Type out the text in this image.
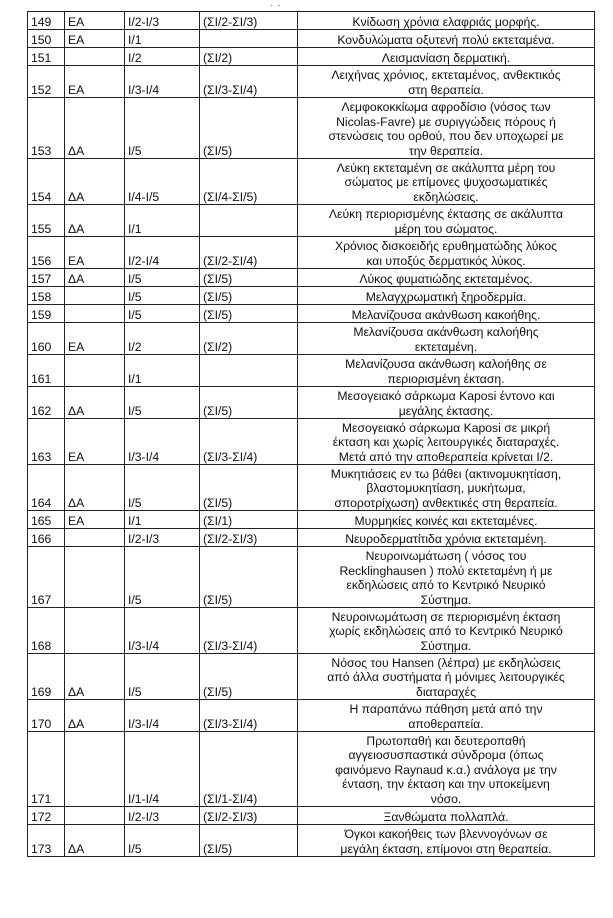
- -
149	ΕΑ	Ι/2-Ι/3	(ΣΙ/2-ΣΙ/3)	Κνίδωση χρόνια ελαφριάς μορφής.

150	ΕΑ	Ι/1		Κονδυλώματα οξυτενή πολύ εκτεταμένα.

151		Ι/2	(ΣΙ/2)	Λεισμανίαση δερματική.

152	ΕΑ	Ι/3-Ι/4	(ΣΙ/3-ΣΙ/4)	Λειχήνας χρόνιος, εκτεταμένος, ανθεκτικός
στη θεραπεία.

153	ΔΑ	Ι/5	(ΣΙ/5)	Λεμφοκοκκίωμα αφροδίσιο (νόσος των
Nicolas-Favre) με συριγγώδεις πόρους ή
στενώσεις του ορθού, που δεν υποχωρεί με
την θεραπεία.

154	ΔΑ	Ι/4-Ι/5	(ΣΙ/4-ΣΙ/5)	Λεύκη εκτεταμένη σε ακάλυπτα μέρη του
σώματος με επίμονες ψυχοσωματικές
εκδηλώσεις.

155	ΔΑ	Ι/1		Λεύκη περιορισμένης έκτασης σε ακάλυπτα
μέρη του σώματος.

156	ΕΑ	Ι/2-Ι/4	(ΣΙ/2-ΣΙ/4)	Χρόνιος δισκοειδής ερυθηματώδης λύκος
και υποξύς δερματικός λύκος.

157	ΔΑ	Ι/5	(ΣΙ/5)	Λύκος φυματιώδης εκτεταμένος.

158		Ι/5	(ΣΙ/5)	Μελαγχρωματική ξηροδερμία.

159		Ι/5	(ΣΙ/5)	Μελανίζουσα ακάνθωση κακοήθης.

160	ΕΑ	Ι/2	(ΣΙ/2)	Μελανίζουσα ακάνθωση καλοήθης
εκτεταμένη.

161		Ι/1		Μελανίζουσα ακάνθωση καλοήθης σε
περιορισμένη έκταση.

162	ΔΑ	Ι/5	(ΣΙ/5)	Μεσογειακό σάρκωμα Kaposi έντονο και
μεγάλης έκτασης.

163	ΕΑ	Ι/3-Ι/4	(ΣΙ/3-ΣΙ/4)	Μεσογειακό σάρκωμα Kaposi σε μικρή
έκταση και χωρίς λειτουργικές διαταραχές.
Μετά από την αποθεραπεία κρίνεται Ι/2.

164	ΔΑ	Ι/5	(ΣΙ/5)	Μυκητιάσεις εν τω βάθει (ακτινομυκητίαση,
βλαστομυκητίαση, μυκήτωμα,
σποροτρίχωση) ανθεκτικές στη θεραπεία.

165	ΕΑ	Ι/1	(ΣΙ/1)	Μυρμηκίες κοινές και εκτεταμένες.

166		Ι/2-Ι/3	(ΣΙ/2-ΣΙ/3)	Νευροδερματίτιδα χρόνια εκτεταμένη.

167		Ι/5	(ΣΙ/5)	Νευροινωμάτωση ( νόσος του
Recklinghausen ) πολύ εκτεταμένη ή με
εκδηλώσεις από το Κεντρικό Νευρικό
Σύστημα.

168		Ι/3-Ι/4	(ΣΙ/3-ΣΙ/4)	Νευροινωμάτωση σε περιορισμένη έκταση
χωρίς εκδηλώσεις από το Κεντρικό Νευρικό
Σύστημα.

169	ΔΑ	Ι/5	(ΣΙ/5)	Νόσος του Hansen (λέπρα) με εκδηλώσεις
από άλλα συστήματα ή μόνιμες λειτουργικές
διαταραχές

170	ΔΑ	Ι/3-Ι/4	(ΣΙ/3-ΣΙ/4)	Η παραπάνω πάθηση μετά από την
αποθεραπεία.

171		Ι/1-Ι/4	(ΣΙ/1-ΣΙ/4)	Πρωτοπαθή και δευτεροπαθή
αγγειοσυσπαστικά σύνδρομα (όπως
φαινόμενο Raynaud κ.α.) ανάλογα με την
ένταση, την έκταση και την υποκείμενη
νόσο.

172		Ι/2-Ι/3	(ΣΙ/2-ΣΙ/3)	Ξανθώματα πολλαπλά.

173	ΔΑ	Ι/5	(ΣΙ/5)	Όγκοι κακοήθεις των βλεννογόνων σε
μεγάλη έκταση, επίμονοι στη θεραπεία.
